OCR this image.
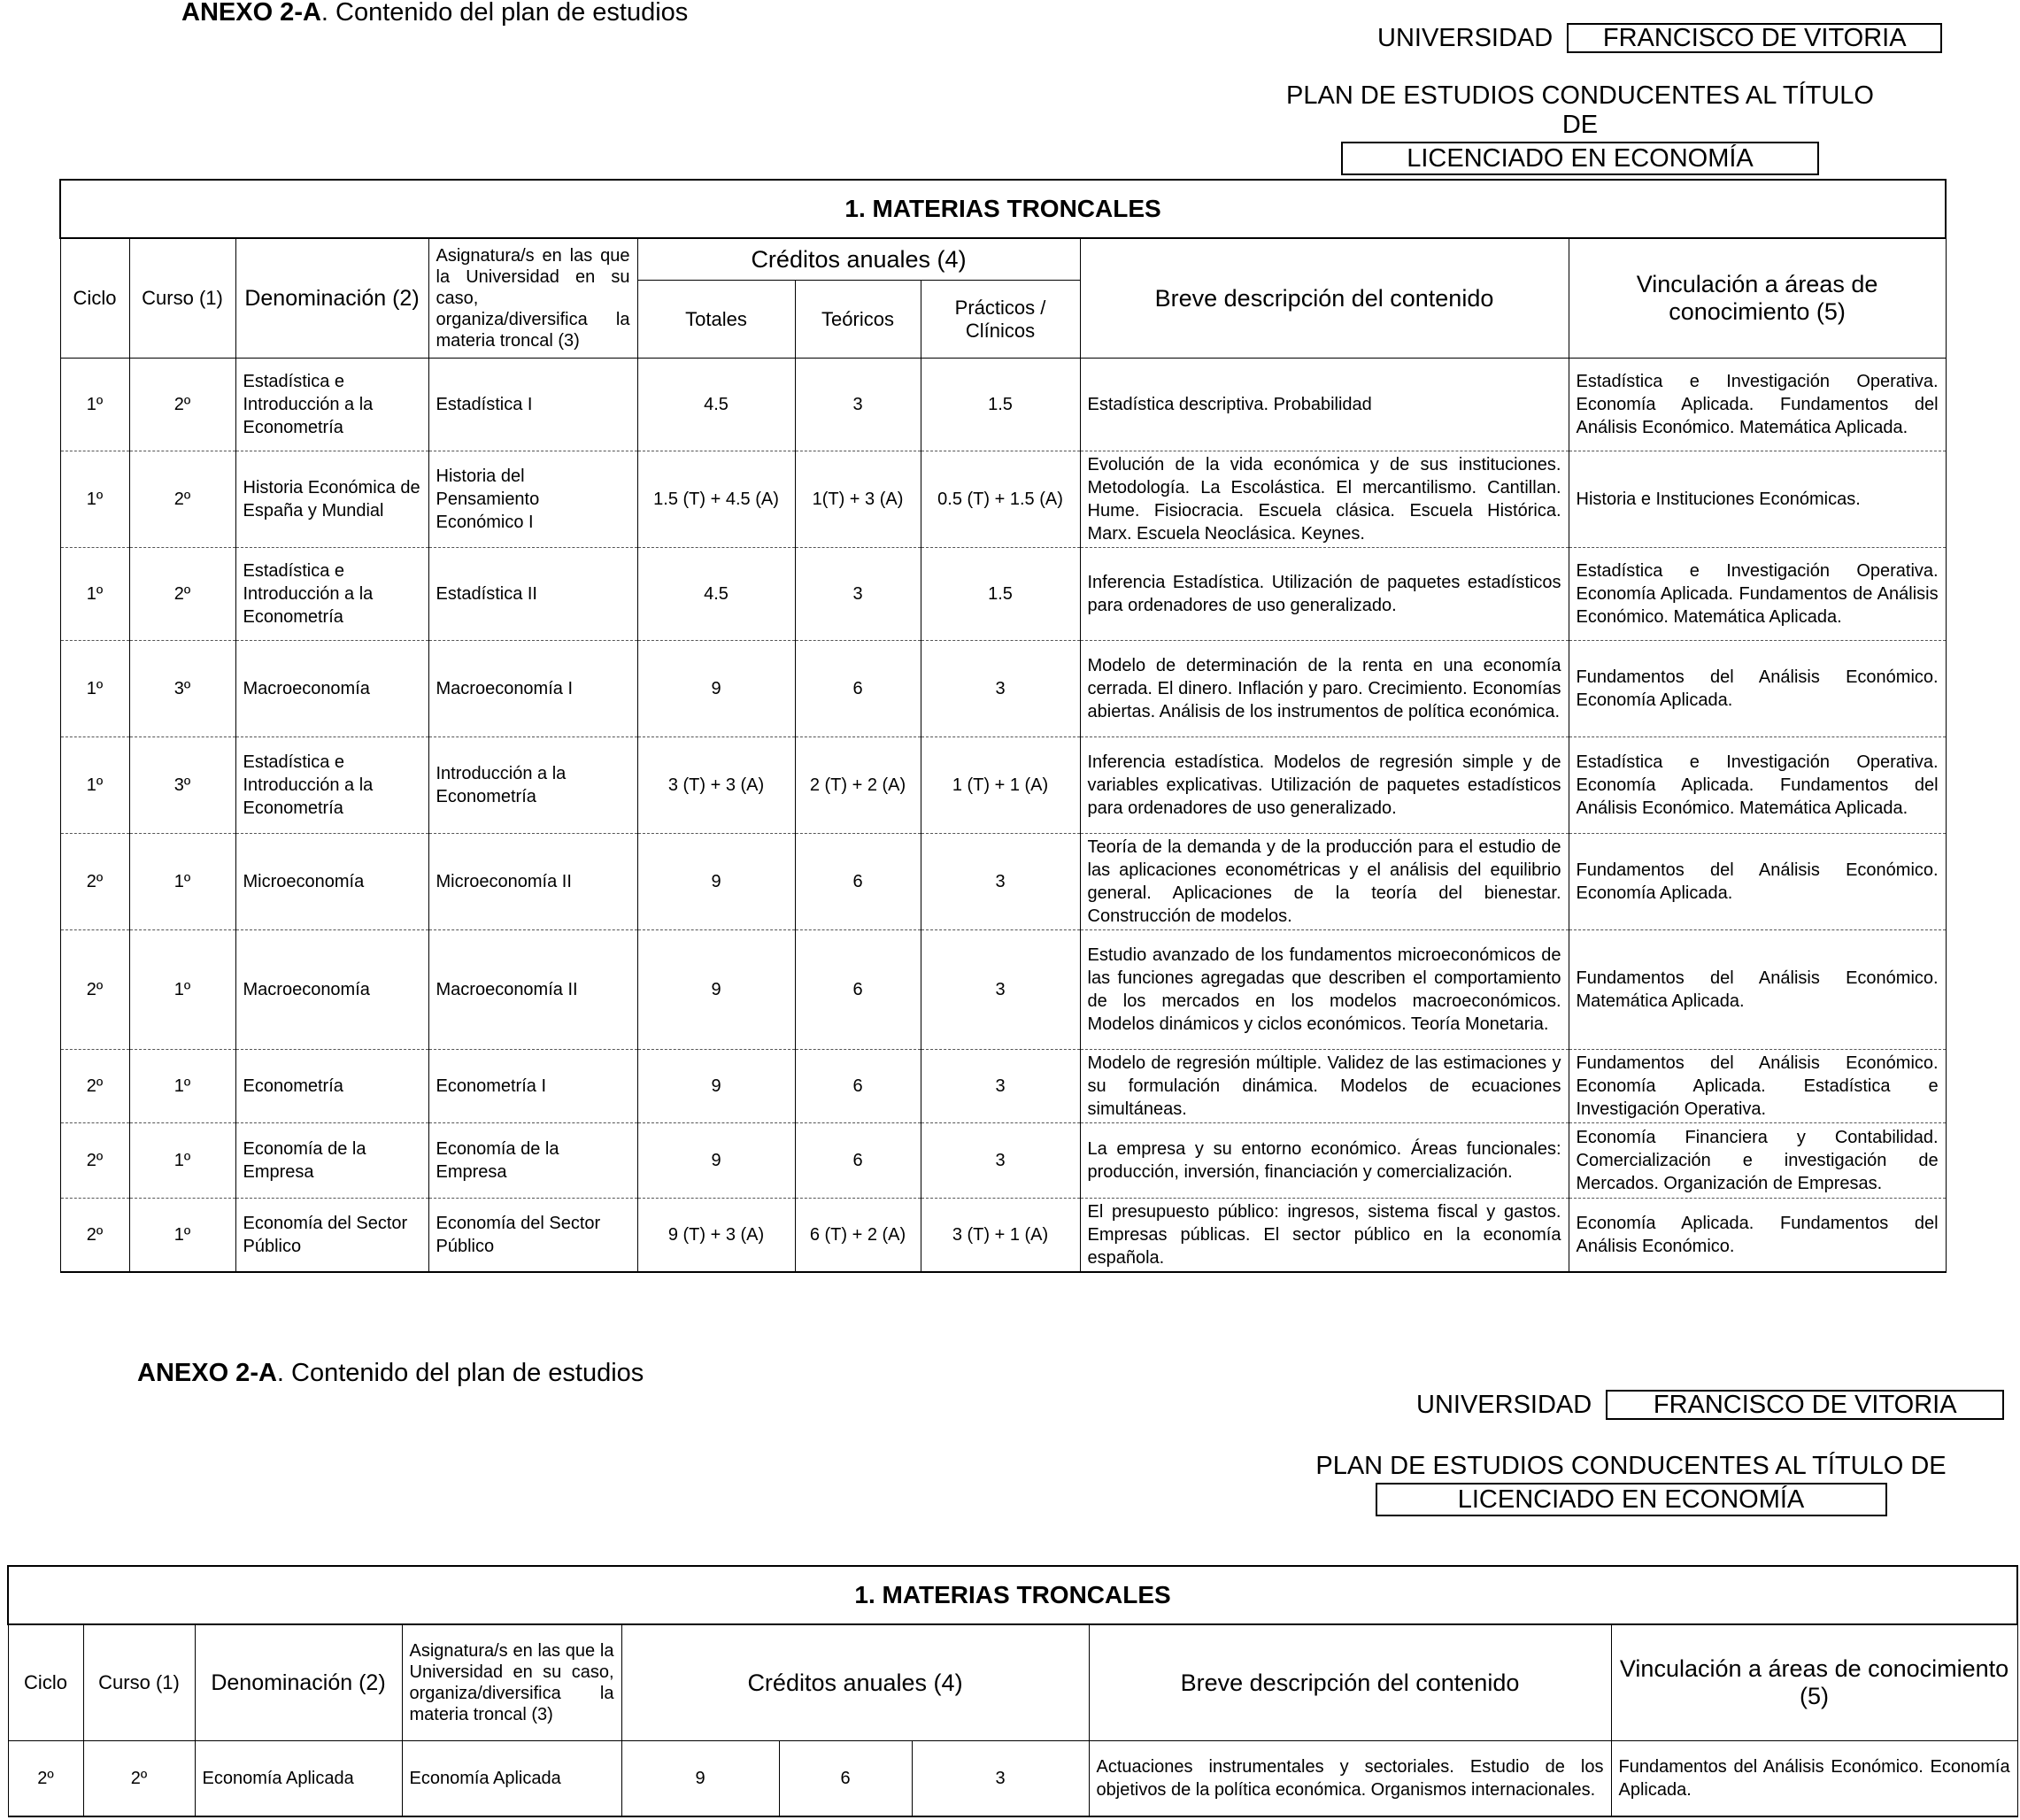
ANEXO 2-A. Contenido del plan de estudios
UNIVERSIDAD	FRANCISCO DE VITORIA
PLAN DE ESTUDIOS CONDUCENTES AL TÍTULO DE
LICENCIADO EN ECONOMÍA
1. MATERIAS TRONCALES								
Ciclo	Curso (1)	Denominación (2)	Asignatura/s en las que la Universidad en su caso, organiza/diversifica la materia troncal (3)	Créditos anuales (4)			Breve descripción del contenido	Vinculación a áreas de conocimiento (5)
				Totales	Teóricos	Prácticos / Clínicos		
1º	2º	Estadística e Introducción a la Econometría	Estadística I	4.5	3	1.5	Estadística descriptiva. Probabilidad	Estadística e Investigación Operativa. Economía Aplicada. Fundamentos del Análisis Económico. Matemática Aplicada.
1º	2º	Historia Económica de España y Mundial	Historia del Pensamiento Económico I	1.5 (T) + 4.5 (A)	1(T) + 3 (A)	0.5 (T) + 1.5 (A)	Evolución de la vida económica y de sus instituciones. Metodología. La Escolástica. El mercantilismo. Cantillan. Hume. Fisiocracia. Escuela clásica. Escuela Histórica. Marx. Escuela Neoclásica. Keynes.	Historia e Instituciones Económicas.
1º	2º	Estadística e Introducción a la Econometría	Estadística II	4.5	3	1.5	Inferencia Estadística. Utilización de paquetes estadísticos para ordenadores de uso generalizado.	Estadística e Investigación Operativa. Economía Aplicada. Fundamentos de Análisis Económico. Matemática Aplicada.
1º	3º	Macroeconomía	Macroeconomía I	9	6	3	Modelo de determinación de la renta en una economía cerrada. El dinero. Inflación y paro. Crecimiento. Economías abiertas. Análisis de los instrumentos de política económica.	Fundamentos del Análisis Económico. Economía Aplicada.
1º	3º	Estadística e Introducción a la Econometría	Introducción a la Econometría	3 (T) + 3 (A)	2 (T) + 2 (A)	1 (T) + 1 (A)	Inferencia estadística. Modelos de regresión simple y de variables explicativas. Utilización de paquetes estadísticos para ordenadores de uso generalizado.	Estadística e Investigación Operativa. Economía Aplicada. Fundamentos del Análisis Económico. Matemática Aplicada.
2º	1º	Microeconomía	Microeconomía II	9	6	3	Teoría de la demanda y de la producción para el estudio de las aplicaciones econométricas y el análisis del equilibrio general. Aplicaciones de la teoría del bienestar. Construcción de modelos.	Fundamentos del Análisis Económico. Economía Aplicada.
2º	1º	Macroeconomía	Macroeconomía II	9	6	3	Estudio avanzado de los fundamentos microeconómicos de las funciones agregadas que describen el comportamiento de los mercados en los modelos macroeconómicos. Modelos dinámicos y ciclos económicos. Teoría Monetaria.	Fundamentos del Análisis Económico. Matemática Aplicada.
2º	1º	Econometría	Econometría I	9	6	3	Modelo de regresión múltiple. Validez de las estimaciones y su formulación dinámica. Modelos de ecuaciones simultáneas.	Fundamentos del Análisis Económico. Economía Aplicada. Estadística e Investigación Operativa.
2º	1º	Economía de la Empresa	Economía de la Empresa	9	6	3	La empresa y su entorno económico. Áreas funcionales: producción, inversión, financiación y comercialización.	Economía Financiera y Contabilidad. Comercialización e investigación de Mercados. Organización de Empresas.
2º	1º	Economía del Sector Público	Economía del Sector Público	9 (T) + 3 (A)	6 (T) + 2 (A)	3 (T) + 1 (A)	El presupuesto público: ingresos, sistema fiscal y gastos. Empresas públicas. El sector público en la economía española.	Economía Aplicada. Fundamentos del Análisis Económico.
ANEXO 2-A. Contenido del plan de estudios
UNIVERSIDAD	FRANCISCO DE VITORIA
PLAN DE ESTUDIOS CONDUCENTES AL TÍTULO DE
LICENCIADO EN ECONOMÍA
1. MATERIAS TRONCALES								
Ciclo	Curso (1)	Denominación (2)	Asignatura/s en las que la Universidad en su caso, organiza/diversifica la materia troncal (3)	Créditos anuales (4)			Breve descripción del contenido	Vinculación a áreas de conocimiento (5)
2º	2º	Economía Aplicada	Economía Aplicada	9	6	3	Actuaciones instrumentales y sectoriales. Estudio de los objetivos de la política económica. Organismos internacionales.	Fundamentos del Análisis Económico. Economía Aplicada.
